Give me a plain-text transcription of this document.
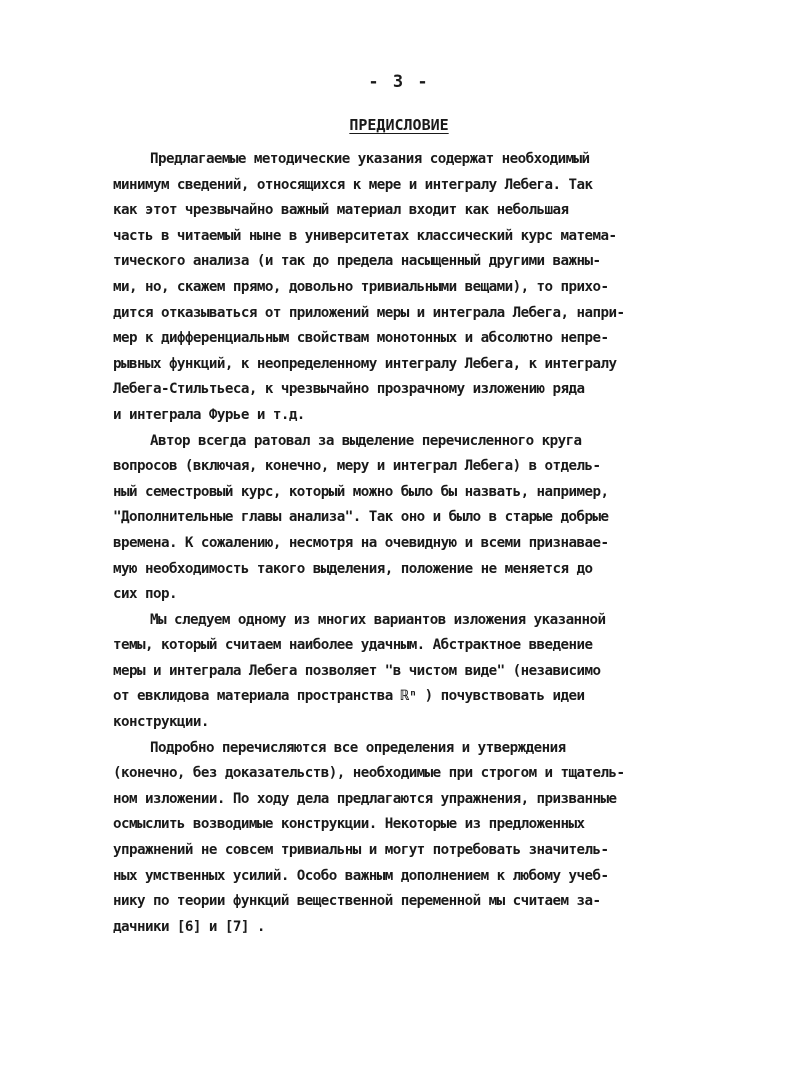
- 3 -
ПРЕДИСЛОВИЕ
Предлагаемые методические указания содержат необходимый
минимум сведений, относящихся к мере и интегралу Лебега. Так
как этот чрезвычайно важный материал входит как небольшая
часть в читаемый ныне в университетах классический курс матема-
тического анализа (и так до предела насыщенный другими важны-
ми, но, скажем прямо, довольно тривиальными вещами), то прихо-
дится отказываться от приложений меры и интеграла Лебега, напри-
мер к дифференциальным свойствам монотонных и абсолютно непре-
рывных функций, к неопределенному интегралу Лебега, к интегралу
Лебега-Стильтьеса, к чрезвычайно прозрачному изложению ряда
и интеграла Фурье и т.д.
Автор всегда ратовал за выделение перечисленного круга
вопросов (включая, конечно, меру и интеграл Лебега) в отдель-
ный семестровый курс, который можно было бы назвать, например,
"Дополнительные главы анализа". Так оно и было в старые добрые
времена. К сожалению, несмотря на очевидную и всеми признавае-
мую необходимость такого выделения, положение не меняется до
сих пор.
Мы следуем одному из многих вариантов изложения указанной
темы, который считаем наиболее удачным. Абстрактное введение
меры и интеграла Лебега позволяет "в чистом виде" (независимо
от евклидова материала пространства ℝⁿ ) почувствовать идеи
конструкции.
Подробно перечисляются все определения и утверждения
(конечно, без доказательств), необходимые при строгом и тщатель-
ном изложении. По ходу дела предлагаются упражнения, призванные
осмыслить возводимые конструкции. Некоторые из предложенных
упражнений не совсем тривиальны и могут потребовать значитель-
ных умственных усилий. Особо важным дополнением к любому учеб-
нику по теории функций вещественной переменной мы считаем за-
дачники [6] и [7] .
